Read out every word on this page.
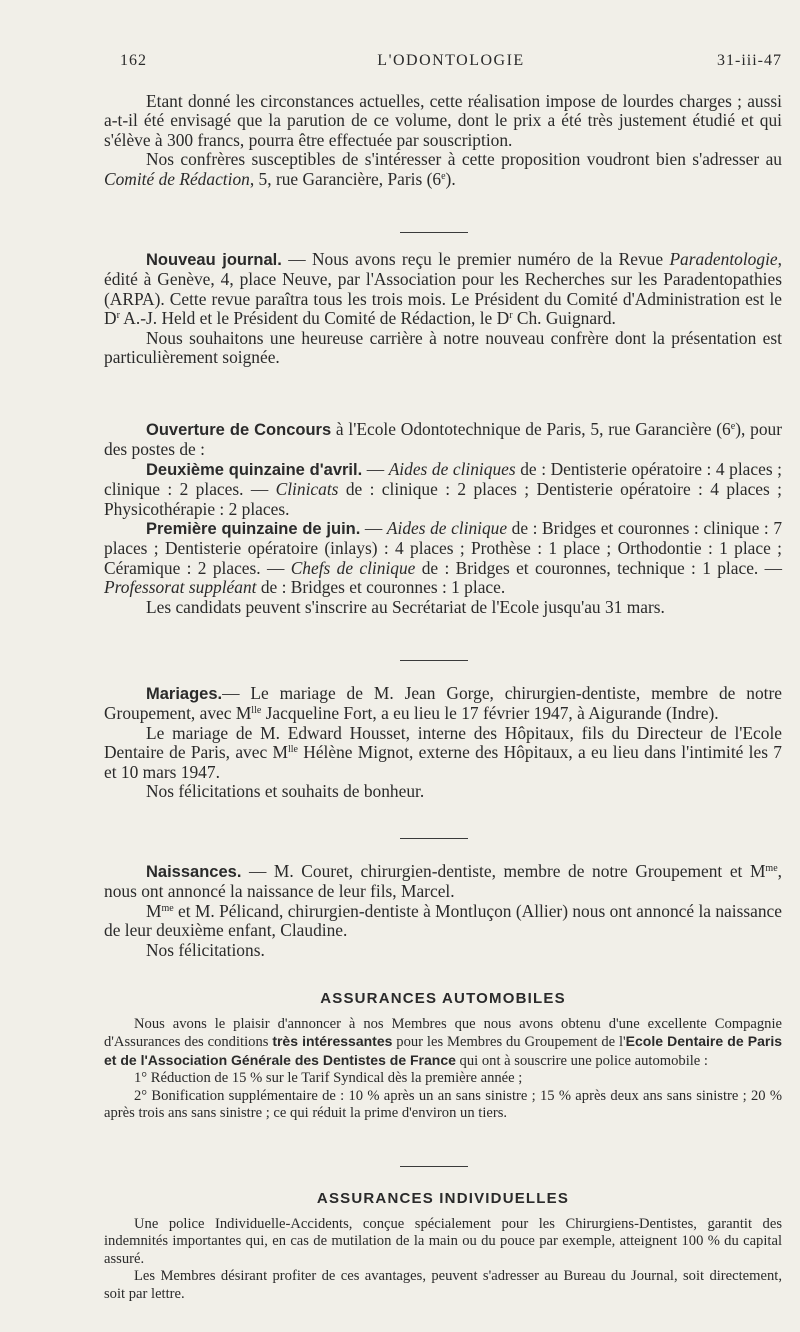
162	L'ODONTOLOGIE	31-iii-47

Etant donné les circonstances actuelles, cette réalisation impose de lourdes charges ; aussi a-t-il été envisagé que la parution de ce volume, dont le prix a été très justement étudié et qui s'élève à 300 francs, pourra être effectuée par souscription.

Nos confrères susceptibles de s'intéresser à cette proposition voudront bien s'adresser au Comité de Rédaction, 5, rue Garancière, Paris (6e).

Nouveau journal. — Nous avons reçu le premier numéro de la Revue Paradentologie, édité à Genève, 4, place Neuve, par l'Association pour les Recherches sur les Paradentopathies (ARPA). Cette revue paraîtra tous les trois mois. Le Président du Comité d'Administration est le $D^r$ A.-J. Held et le Président du Comité de Rédaction, le $D^r$ Ch. Guignard.

Nous souhaitons une heureuse carrière à notre nouveau confrère dont la présentation est particulièrement soignée.

Ouverture de Concours à l'Ecole Odontotechnique de Paris, 5, rue Garancière (6e), pour des postes de :

Deuxième quinzaine d'avril. — Aides de cliniques de : Dentisterie opératoire : 4 places ; clinique : 2 places. — Clinicats de : clinique : 2 places ; Dentisterie opératoire : 4 places ; Physicothérapie : 2 places.

Première quinzaine de juin. — Aides de clinique de : Bridges et couronnes : clinique : 7 places ; Dentisterie opératoire (inlays) : 4 places ; Prothèse : 1 place ; Orthodontie : 1 place ; Céramique : 2 places. — Chefs de clinique de : Bridges et couronnes, technique : 1 place. — Professorat suppléant de : Bridges et couronnes : 1 place.

Les candidats peuvent s'inscrire au Secrétariat de l'Ecole jusqu'au 31 mars.

Mariages.— Le mariage de M. Jean Gorge, chirurgien-dentiste, membre de notre Groupement, avec $M^{lle}$ Jacqueline Fort, a eu lieu le 17 février 1947, à Aigurande (Indre).

Le mariage de M. Edward Housset, interne des Hôpitaux, fils du Directeur de l'Ecole Dentaire de Paris, avec $M^{lle}$ Hélène Mignot, externe des Hôpitaux, a eu lieu dans l'intimité les 7 et 10 mars 1947.

Nos félicitations et souhaits de bonheur.

Naissances. — M. Couret, chirurgien-dentiste, membre de notre Groupement et $M^{me}$, nous ont annoncé la naissance de leur fils, Marcel.

$M^{me}$ et M. Pélicand, chirurgien-dentiste à Montluçon (Allier) nous ont annoncé la naissance de leur deuxième enfant, Claudine.

Nos félicitations.

ASSURANCES AUTOMOBILES

Nous avons le plaisir d'annoncer à nos Membres que nous avons obtenu d'une excellente Compagnie d'Assurances des conditions très intéressantes pour les Membres du Groupement de l'Ecole Dentaire de Paris et de l'Association Générale des Dentistes de France qui ont à souscrire une police automobile :

1° Réduction de 15 % sur le Tarif Syndical dès la première année ;

2° Bonification supplémentaire de : 10 % après un an sans sinistre ; 15 % après deux ans sans sinistre ; 20 % après trois ans sans sinistre ; ce qui réduit la prime d'environ un tiers.

ASSURANCES INDIVIDUELLES

Une police Individuelle-Accidents, conçue spécialement pour les Chirurgiens-Dentistes, garantit des indemnités importantes qui, en cas de mutilation de la main ou du pouce par exemple, atteignent 100 % du capital assuré.

Les Membres désirant profiter de ces avantages, peuvent s'adresser au Bureau du Journal, soit directement, soit par lettre.
